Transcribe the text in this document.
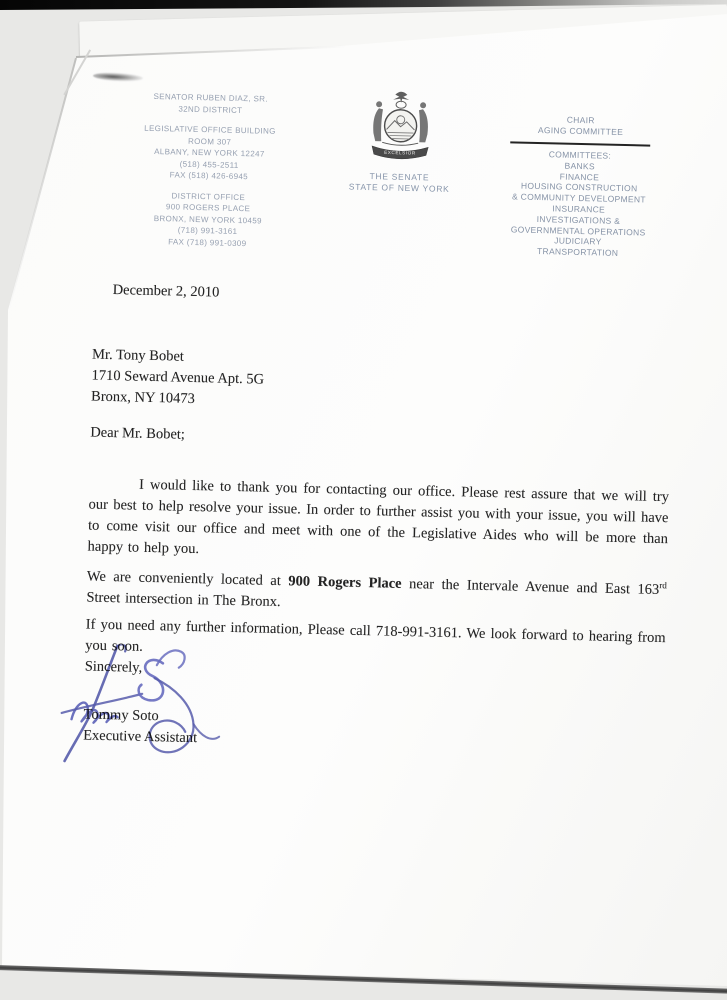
SENATOR RUBEN DIAZ, SR.
32ND DISTRICT
LEGISLATIVE OFFICE BUILDING
ROOM 307
ALBANY, NEW YORK 12247
(518) 455-2511
FAX (518) 426-6945
DISTRICT OFFICE
900 ROGERS PLACE
BRONX, NEW YORK 10459
(718) 991-3161
FAX (718) 991-0309
EXCELSIOR
THE SENATE
STATE OF NEW YORK
CHAIR
AGING COMMITTEE
COMMITTEES:
BANKS
FINANCE
HOUSING CONSTRUCTION
& COMMUNITY DEVELOPMENT
INSURANCE
INVESTIGATIONS &
GOVERNMENTAL OPERATIONS
JUDICIARY
TRANSPORTATION
December 2, 2010
Mr. Tony Bobet
1710 Seward Avenue Apt. 5G
Bronx, NY 10473
Dear Mr. Bobet;

I would like to thank you for contacting our office. Please rest assure that we will try our best to help resolve your issue. In order to further assist you with your issue, you will have to come visit our office and meet with one of the Legislative Aides who will be more than happy to help you.

We are conveniently located at 900 Rogers Place near the Intervale Avenue and East 163rd Street intersection in The Bronx.

If you need any further information, Please call 718-991-3161. We look forward to hearing from you soon.

Sincerely,
Tommy Soto
Executive Assistant
